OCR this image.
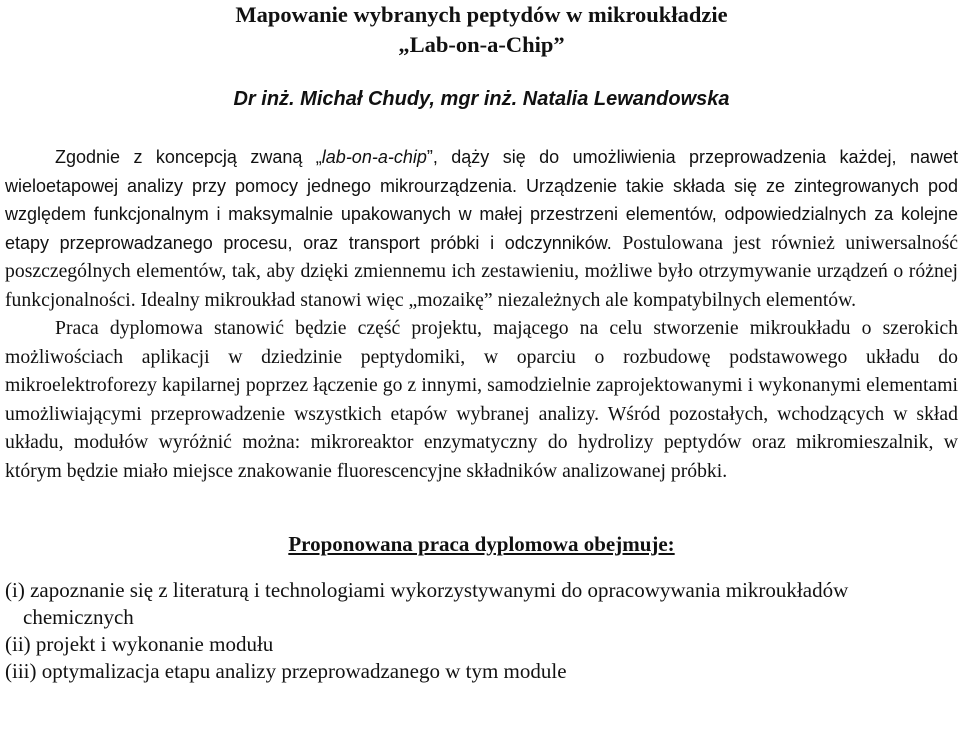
Mapowanie wybranych peptydów w mikroukładzie
„Lab-on-a-Chip”
Dr inż. Michał Chudy, mgr inż. Natalia Lewandowska
Zgodnie z koncepcją zwaną „lab-on-a-chip”, dąży się do umożliwienia przeprowadzenia każdej, nawet wieloetapowej analizy przy pomocy jednego mikrourządzenia. Urządzenie takie składa się ze zintegrowanych pod względem funkcjonalnym i maksymalnie upakowanych w małej przestrzeni elementów, odpowiedzialnych za kolejne etapy przeprowadzanego procesu, oraz transport próbki i odczynników. Postulowana jest również uniwersalność poszczególnych elementów, tak, aby dzięki zmiennemu ich zestawieniu, możliwe było otrzymywanie urządzeń o różnej funkcjonalności. Idealny mikroukład stanowi więc „mozaikę” niezależnych ale kompatybilnych elementów.
Praca dyplomowa stanowić będzie część projektu, mającego na celu stworzenie mikroukładu o szerokich możliwościach aplikacji w dziedzinie peptydomiki, w oparciu o rozbudowę podstawowego układu do mikroelektroforezy kapilarnej poprzez łączenie go z innymi, samodzielnie zaprojektowanymi i wykonanymi elementami umożliwiającymi przeprowadzenie wszystkich etapów wybranej analizy. Wśród pozostałych, wchodzących w skład układu, modułów wyróżnić można: mikroreaktor enzymatyczny do hydrolizy peptydów oraz mikromieszalnik, w którym będzie miało miejsce znakowanie fluorescencyjne składników analizowanej próbki.
Proponowana praca dyplomowa obejmuje:
(i) zapoznanie się z literaturą i technologiami wykorzystywanymi do opracowywania mikroukładów chemicznych
(ii) projekt i wykonanie modułu
(iii) optymalizacja etapu analizy przeprowadzanego w tym module
